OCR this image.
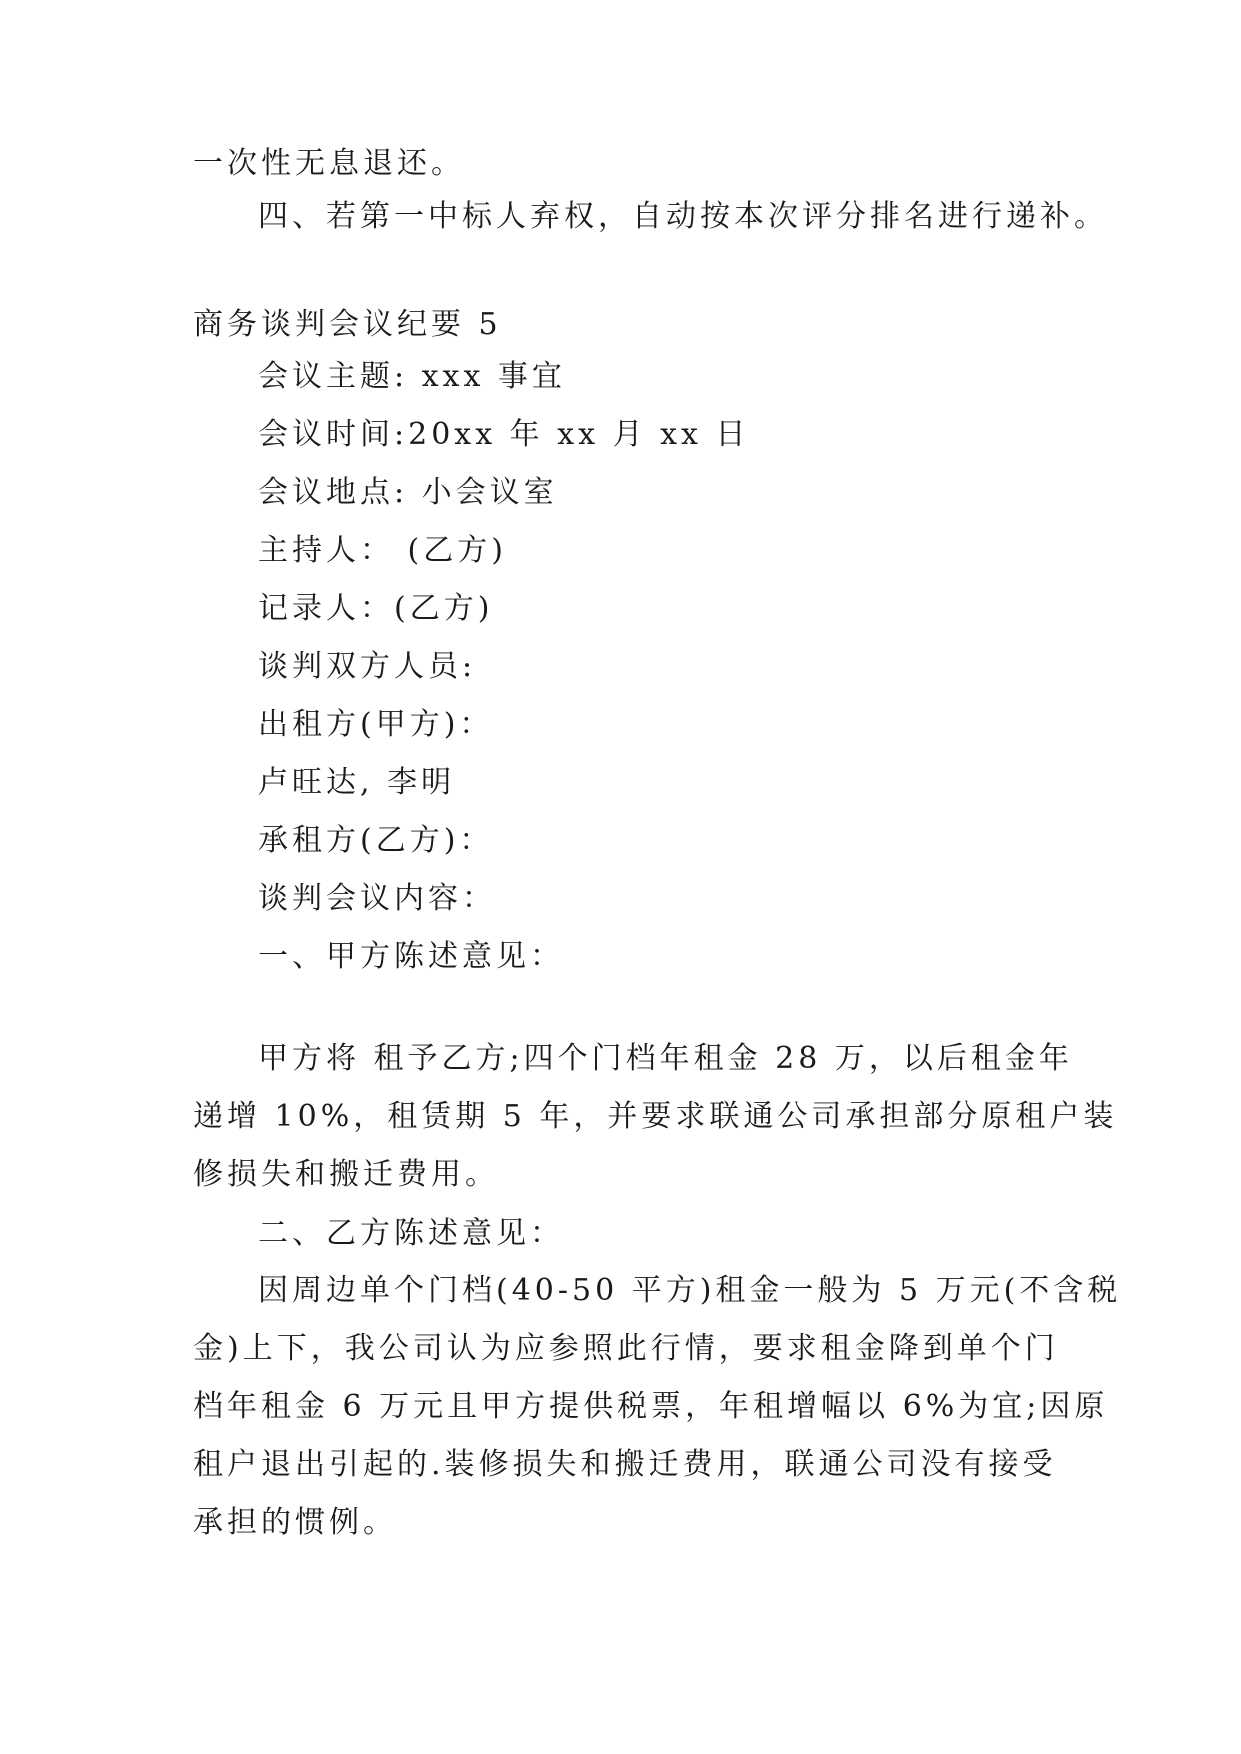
一次性无息退还。
四、若第一中标人弃权，自动按本次评分排名进行递补。
商务谈判会议纪要 5
会议主题: xxx 事宜
会议时间:20xx 年 xx 月 xx 日
会议地点: 小会议室
主持人： (乙方)
记录人：(乙方)
谈判双方人员:
出租方(甲方)：
卢旺达, 李明
承租方(乙方)：
谈判会议内容：
一、甲方陈述意见：
甲方将 租予乙方;四个门档年租金 28 万，以后租金年
递增 10%，租赁期 5 年，并要求联通公司承担部分原租户装
修损失和搬迁费用。
二、乙方陈述意见：
因周边单个门档(40-50 平方)租金一般为 5 万元(不含税
金)上下，我公司认为应参照此行情，要求租金降到单个门
档年租金 6 万元且甲方提供税票，年租增幅以 6%为宜;因原
租户退出引起的.装修损失和搬迁费用，联通公司没有接受
承担的惯例。
